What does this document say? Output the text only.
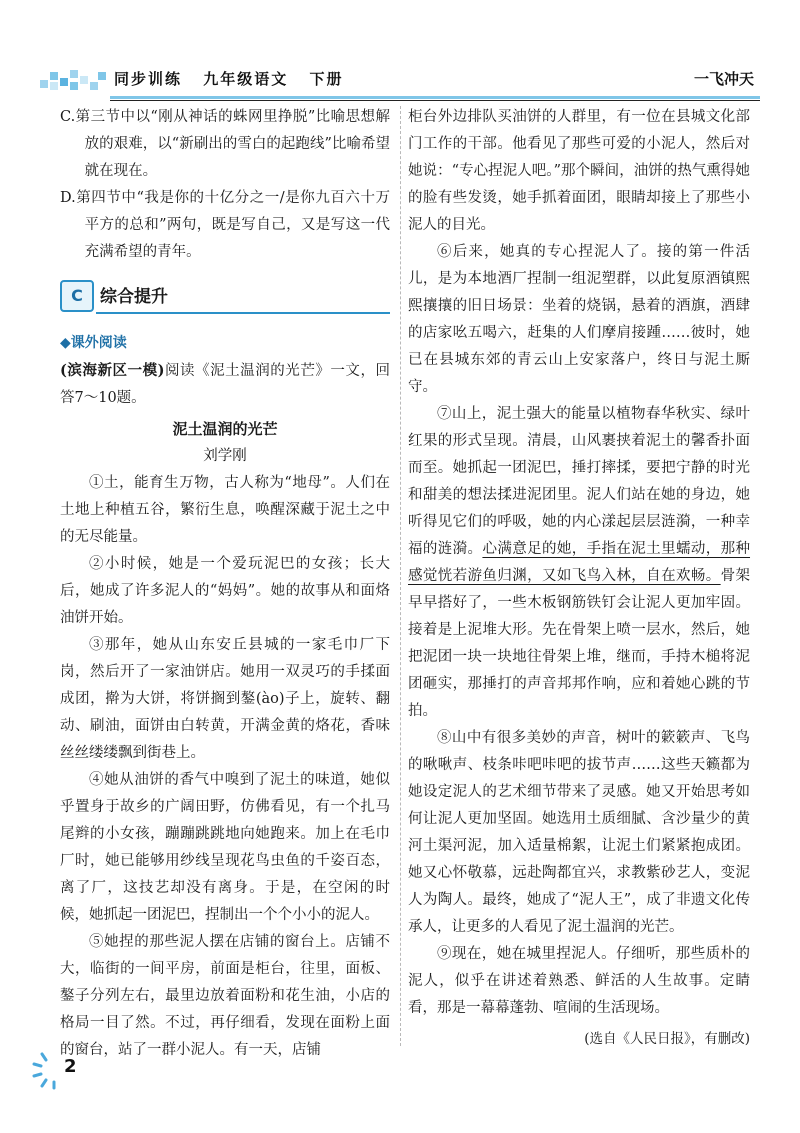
同步训练 九年级语文 下册	一飞冲天

C.第三节中以“刚从神话的蛛网里挣脱”比喻思想解放的艰难，以“新刷出的雪白的起跑线”比喻希望就在现在。

D.第四节中“我是你的十亿分之一/是你九百六十万平方的总和”两句，既是写自己，又是写这一代充满希望的青年。

C	综合提升

◆课外阅读

(滨海新区一模)阅读《泥土温润的光芒》一文，回答7～10题。

泥土温润的光芒

刘学刚

①土，能育生万物，古人称为“地母”。人们在土地上种植五谷，繁衍生息，唤醒深藏于泥土之中的无尽能量。

②小时候，她是一个爱玩泥巴的女孩；长大后，她成了许多泥人的“妈妈”。她的故事从和面烙油饼开始。

③那年，她从山东安丘县城的一家毛巾厂下岗，然后开了一家油饼店。她用一双灵巧的手揉面成团，擀为大饼，将饼搁到鏊(ào)子上，旋转、翻动、刷油，面饼由白转黄，开满金黄的烙花，香味丝丝缕缕飘到街巷上。

④她从油饼的香气中嗅到了泥土的味道，她似乎置身于故乡的广阔田野，仿佛看见，有一个扎马尾辫的小女孩，蹦蹦跳跳地向她跑来。加上在毛巾厂时，她已能够用纱线呈现花鸟虫鱼的千姿百态，离了厂，这技艺却没有离身。于是，在空闲的时候，她抓起一团泥巴，捏制出一个个小小的泥人。

⑤她捏的那些泥人摆在店铺的窗台上。店铺不大，临街的一间平房，前面是柜台，往里，面板、鏊子分列左右，最里边放着面粉和花生油，小店的格局一目了然。不过，再仔细看，发现在面粉上面的窗台，站了一群小泥人。有一天，店铺

柜台外边排队买油饼的人群里，有一位在县城文化部门工作的干部。他看见了那些可爱的小泥人，然后对她说：“专心捏泥人吧。”那个瞬间，油饼的热气熏得她的脸有些发烫，她手抓着面团，眼睛却接上了那些小泥人的目光。

⑥后来，她真的专心捏泥人了。接的第一件活儿，是为本地酒厂捏制一组泥塑群，以此复原酒镇熙熙攘攘的旧日场景：坐着的烧锅，悬着的酒旗，酒肆的店家吆五喝六，赶集的人们摩肩接踵……彼时，她已在县城东郊的青云山上安家落户，终日与泥土厮守。

⑦山上，泥土强大的能量以植物春华秋实、绿叶红果的形式呈现。清晨，山风裹挟着泥土的馨香扑面而至。她抓起一团泥巴，捶打摔揉，要把宁静的时光和甜美的想法揉进泥团里。泥人们站在她的身边，她听得见它们的呼吸，她的内心漾起层层涟漪，一种幸福的涟漪。心满意足的她，手指在泥土里蠕动，那种感觉恍若游鱼归渊，又如飞鸟入林，自在欢畅。骨架早早搭好了，一些木板钢筋铁钉会让泥人更加牢固。接着是上泥堆大形。先在骨架上喷一层水，然后，她把泥团一块一块地往骨架上堆，继而，手持木槌将泥团砸实，那捶打的声音邦邦作响，应和着她心跳的节拍。

⑧山中有很多美妙的声音，树叶的簌簌声、飞鸟的啾啾声、枝条咔吧咔吧的拔节声……这些天籁都为她设定泥人的艺术细节带来了灵感。她又开始思考如何让泥人更加坚固。她选用土质细腻、含沙量少的黄河土渠河泥，加入适量棉絮，让泥土们紧紧抱成团。她又心怀敬慕，远赴陶都宜兴，求教紫砂艺人，变泥人为陶人。最终，她成了“泥人王”，成了非遗文化传承人，让更多的人看见了泥土温润的光芒。

⑨现在，她在城里捏泥人。仔细听，那些质朴的泥人，似乎在讲述着熟悉、鲜活的人生故事。定睛看，那是一幕幕蓬勃、喧闹的生活现场。

(选自《人民日报》，有删改)

2
